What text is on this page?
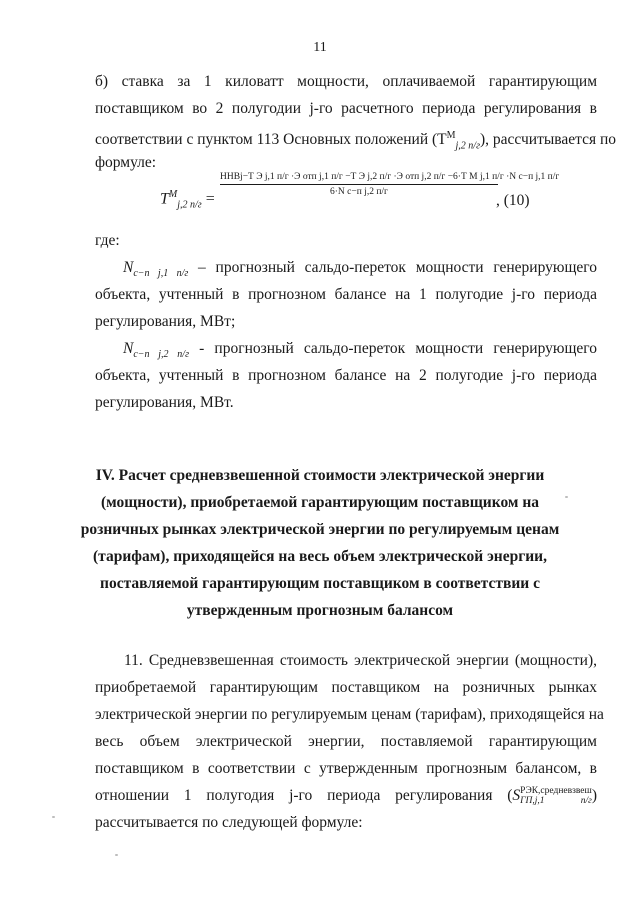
11
б) ставка за 1 киловатт мощности, оплачиваемой гарантирующим
поставщиком во 2 полугодии j-го расчетного периода регулирования в
соответствии с пунктом 113 Основных положений $(Т^М_{j,2 п/г})$, рассчитывается по
формуле:
$Т^М_{j,2 п/г}$ =
ННВj−Т Э j,1 п/г ·Э отп j,1 п/г −Т Э j,2 п/г ·Э отп j,2 п/г −6·Т М j,1 п/г ·N с−п j,1 п/г
6·N с−п j,2 п/г	, (10)
где:
$N_{с-п j,1 п/г}$ – прогнозный сальдо-переток мощности генерирующего
объекта, учтенный в прогнозном балансе на 1 полугодие j-го периода
регулирования, МВт;
$N_{с-п j,2 п/г}$ - прогнозный сальдо-переток мощности генерирующего
объекта, учтенный в прогнозном балансе на 2 полугодие j-го периода
регулирования, МВт.
IV. Расчет средневзвешенной стоимости электрической энергии
(мощности), приобретаемой гарантирующим поставщиком на
розничных рынках электрической энергии по регулируемым ценам
(тарифам), приходящейся на весь объем электрической энергии,
поставляемой гарантирующим поставщиком в соответствии с
утвержденным прогнозным балансом
11. Средневзвешенная стоимость электрической энергии (мощности),
приобретаемой гарантирующим поставщиком на розничных рынках
электрической энергии по регулируемым ценам (тарифам), приходящейся на
весь объем электрической энергии, поставляемой гарантирующим
поставщиком в соответствии с утвержденным прогнозным балансом, в
отношении 1 полугодия j-го периода регулирования (S РЭК,средневзвеш
ГП,j,1 п/г )
рассчитывается по следующей формуле:
